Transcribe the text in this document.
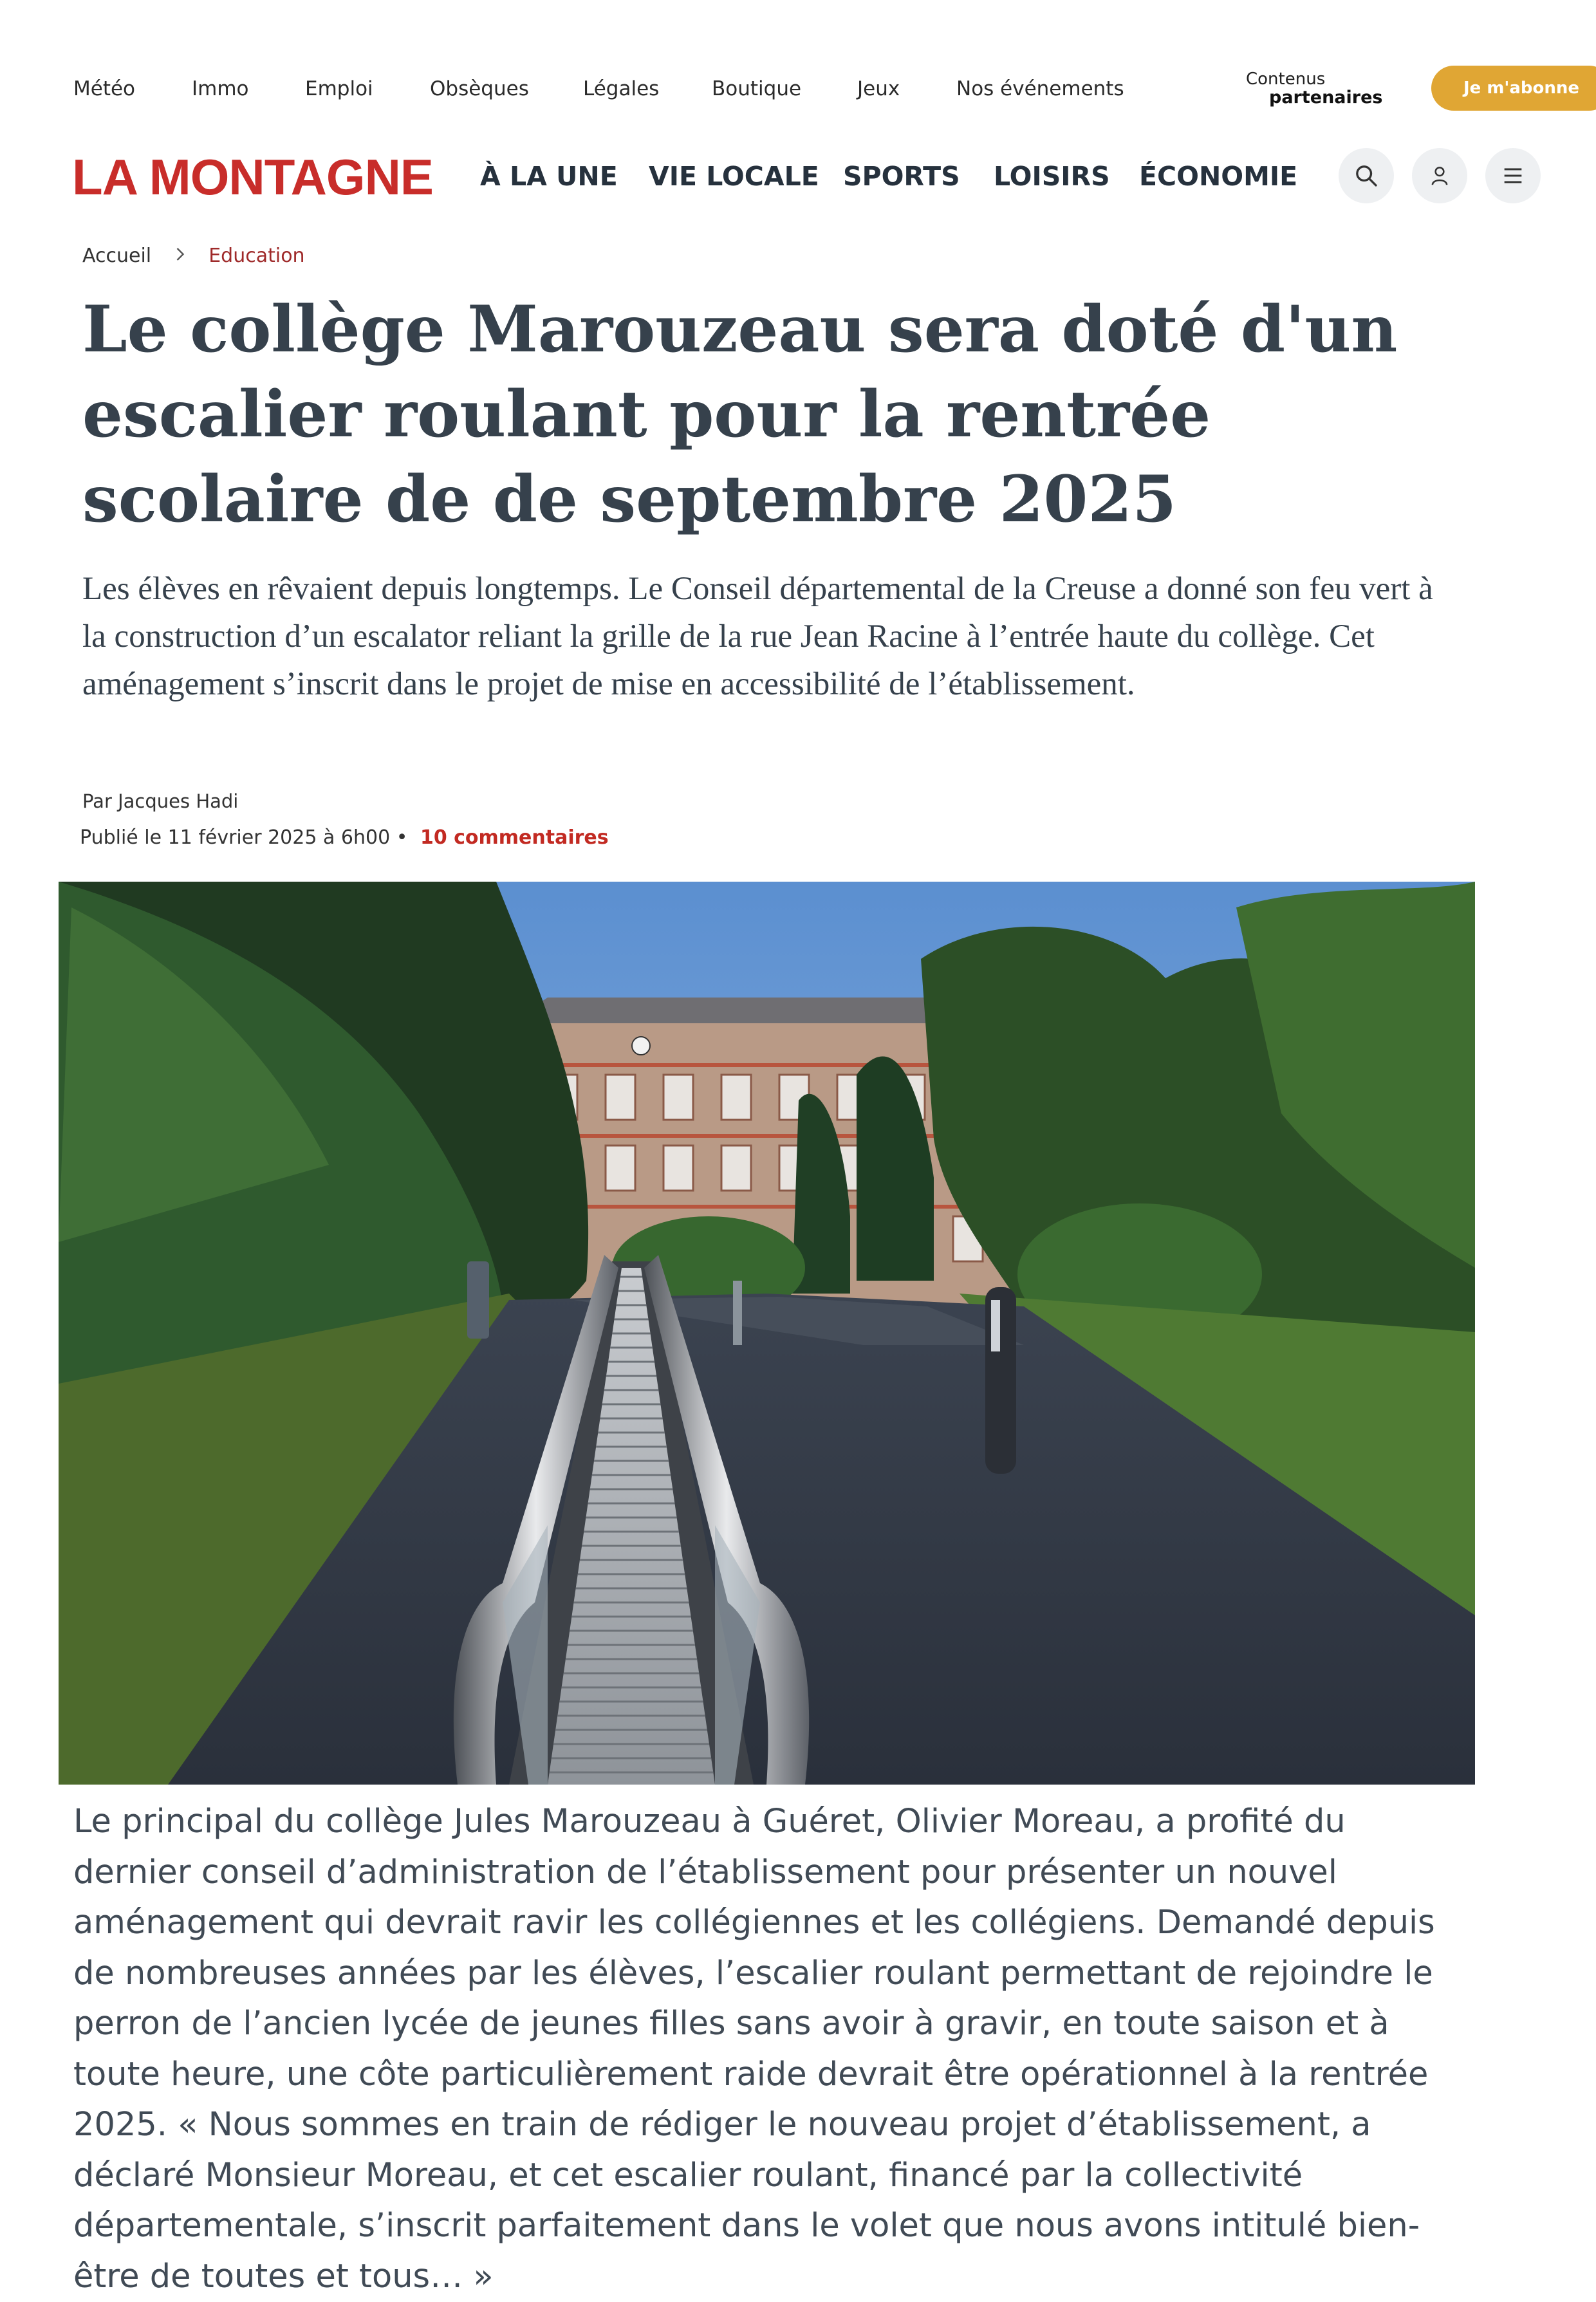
Météo	Immo	Emploi	Obsèques	Légales	Boutique	Jeux	Nos événements	Contenus
partenaires	Je m'abonne
LA MONTAGNE À LA UNE VIE LOCALE SPORTS LOISIRS ÉCONOMIE
Accueil	Education
Le collège Marouzeau sera doté d'un escalier roulant pour la rentrée scolaire de de septembre 2025

Les élèves en rêvaient depuis longtemps. Le Conseil départemental de la Creuse a donné son feu vert à la construction d’un escalator reliant la grille de la rue Jean Racine à l’entrée haute du collège. Cet aménagement s’inscrit dans le projet de mise en accessibilité de l’établissement.

Par Jacques Hadi
Publié le 11 février 2025 à 6h00 • 10 commentaires

Le principal du collège Jules Marouzeau à Guéret, Olivier Moreau, a profité du dernier conseil d’administration de l’établissement pour présenter un nouvel aménagement qui devrait ravir les collégiennes et les collégiens. Demandé depuis de nombreuses années par les élèves, l’escalier roulant permettant de rejoindre le perron de l’ancien lycée de jeunes filles sans avoir à gravir, en toute saison et à toute heure, une côte particulièrement raide devrait être opérationnel à la rentrée 2025. « Nous sommes en train de rédiger le nouveau projet d’établissement, a déclaré Monsieur Moreau, et cet escalier roulant, financé par la collectivité départementale, s’inscrit parfaitement dans le volet que nous avons intitulé bien-être de toutes et tous… »
